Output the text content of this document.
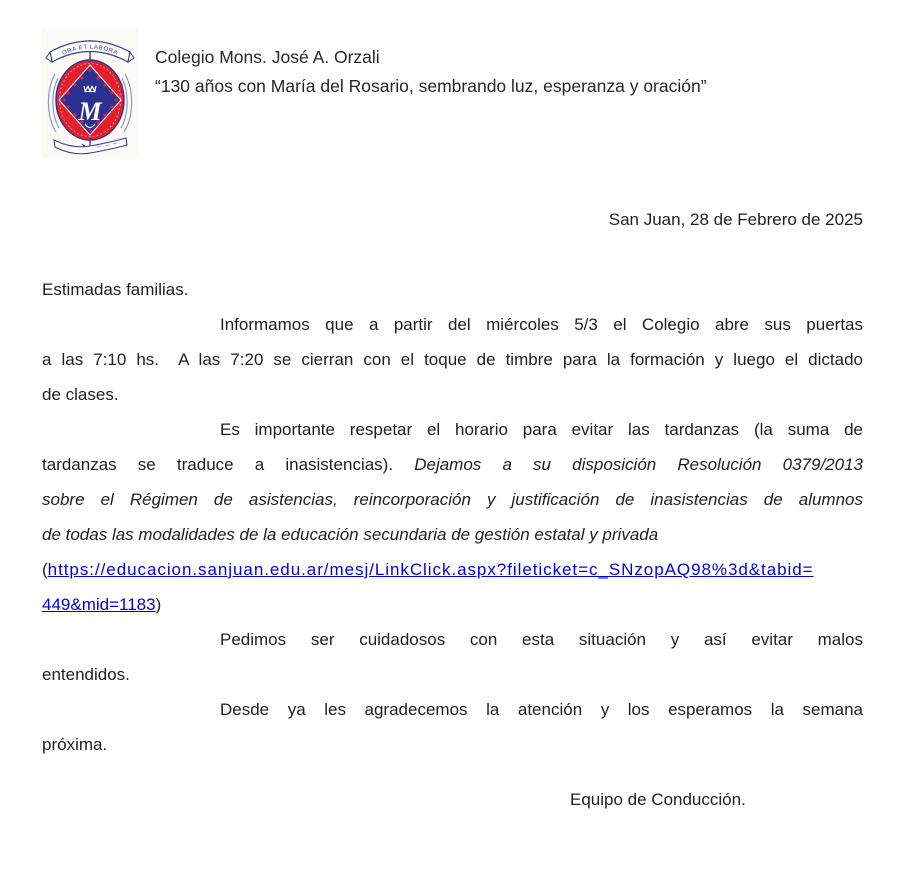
ORA ET LABORA
M
Colegio Mons. José A. Orzali
“130 años con María del Rosario, sembrando luz, esperanza y oración”
San Juan, 28 de Febrero de 2025

Estimadas familias.

Informamos que a partir del miércoles 5/3 el Colegio abre sus puertas
a las 7:10 hs.  A las 7:20 se cierran con el toque de timbre para la formación y luego el dictado
de clases.

Es importante respetar el horario para evitar las tardanzas (la suma de
tardanzas se traduce a inasistencias). Dejamos a su disposición Resolución 0379/2013
sobre el Régimen de asistencias, reincorporación y justificación de inasistencias de alumnos
de todas las modalidades de la educación secundaria de gestión estatal y privada
(https://educacion.sanjuan.edu.ar/mesj/LinkClick.aspx?fileticket=c_SNzopAQ98%3d&tabid=
449&mid=1183)

Pedimos ser cuidadosos con esta situación y así evitar malos
entendidos.

Desde ya les agradecemos la atención y los esperamos la semana
próxima.

Equipo de Conducción.
